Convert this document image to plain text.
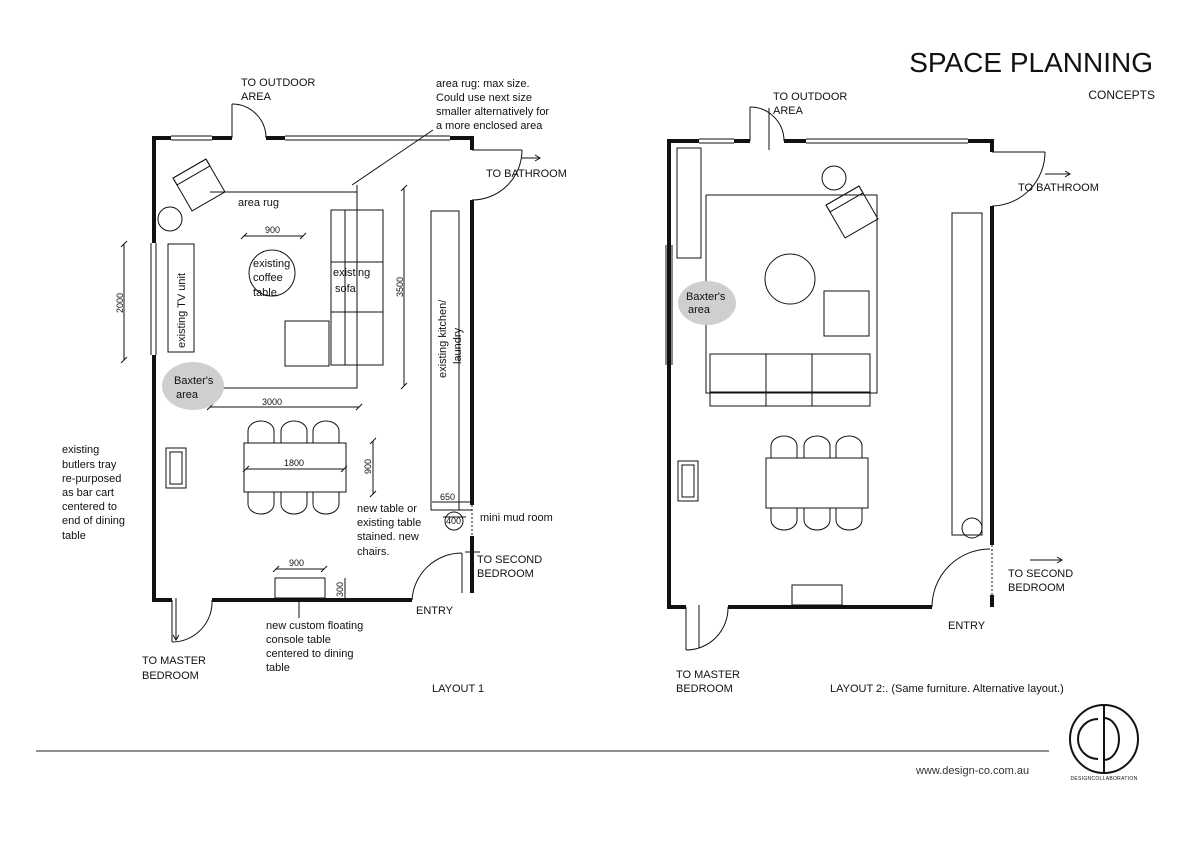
SPACE PLANNING
CONCEPTS
TO OUTDOOR
AREA
area rug: max size.
Could use next size
smaller alternatively for
a more enclosed area
TO BATHROOM
area rug
existing
coffee
table
existing
sofa
existing TV unit	existing kitchen/ laundry
Baxter's
area
existing
butlers tray
re-purposed
as bar cart
centered to
end of dining
table
new table or
existing table
stained. new
chairs.
mini mud room
TO SECOND
BEDROOM
ENTRY
new custom floating
console table
centered to dining
table
TO MASTER
BEDROOM
LAYOUT 1
900
2000
3500
3000
1800	900
650
400
900
300
TO OUTDOOR
AREA
TO BATHROOM
Baxter's
area
TO SECOND
BEDROOM
ENTRY
TO MASTER
BEDROOM	LAYOUT 2:. (Same furniture. Alternative layout.)
www.design-co.com.au
DESIGNCOLLABORATION
